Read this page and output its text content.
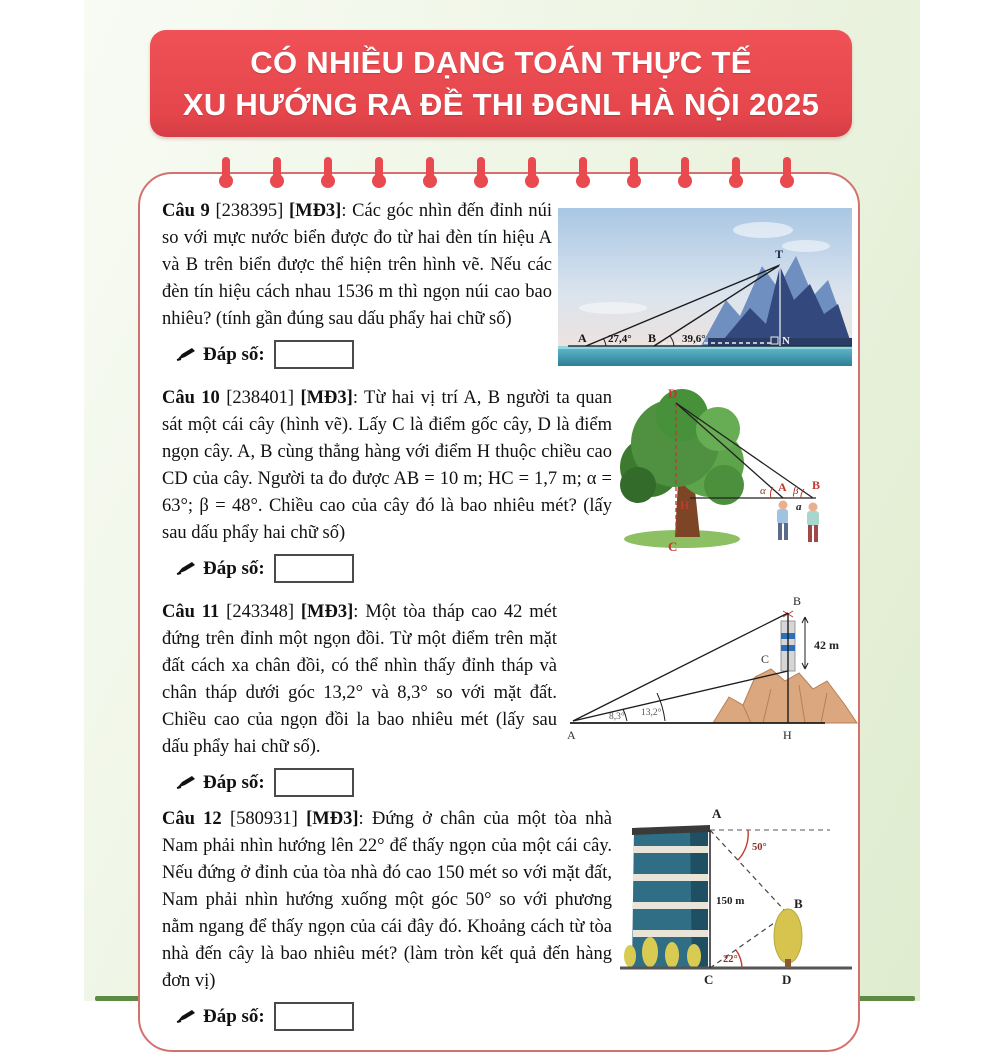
CÓ NHIỀU DẠNG TOÁN THỰC TẾ
XU HƯỚNG RA ĐỀ THI ĐGNL HÀ NỘI 2025

Câu 9 [238395] [MĐ3]: Các góc nhìn đến đỉnh núi so với mực nước biển được đo từ hai đèn tín hiệu A và B trên biển được thể hiện trên hình vẽ. Nếu các đèn tín hiệu cách nhau 1536 m thì ngọn núi cao bao nhiêu? (tính gần đúng sau dấu phẩy hai chữ số)

A	B
27,4°	39,6°
T
N
Đáp số:

Câu 10 [238401] [MĐ3]: Từ hai vị trí A, B người ta quan sát một cái cây (hình vẽ). Lấy C là điểm gốc cây, D là điểm ngọn cây. A, B cùng thẳng hàng với điểm H thuộc chiều cao CD của cây. Người ta đo được AB = 10 m; HC = 1,7 m; α = 63°; β = 48°. Chiều cao của cây đó là bao nhiêu mét? (lấy sau dấu phẩy hai chữ số)

D
H
C
A B
α β
a
Đáp số:

Câu 11 [243348] [MĐ3]: Một tòa tháp cao 42 mét đứng trên đỉnh một ngọn đồi. Từ một điểm trên mặt đất cách xa chân đồi, có thể nhìn thấy đỉnh tháp và chân tháp dưới góc 13,2° và 8,3° so với mặt đất. Chiều cao của ngọn đồi la bao nhiêu mét (lấy sau dấu phẩy hai chữ số).

A
B
C
H
42 m
8,3° 13,2°
Đáp số:

Câu 12 [580931] [MĐ3]: Đứng ở chân của một tòa nhà Nam phải nhìn hướng lên 22° để thấy ngọn của một cái cây. Nếu đứng ở đỉnh của tòa nhà đó cao 150 mét so với mặt đất, Nam phải nhìn hướng xuống một góc 50° so với phương nằm ngang để thấy ngọn của cái đây đó. Khoảng cách từ tòa nhà đến cây là bao nhiêu mét? (làm tròn kết quả đến hàng đơn vị)

A
B
C	D
150 m
50°
22°
Đáp số:
